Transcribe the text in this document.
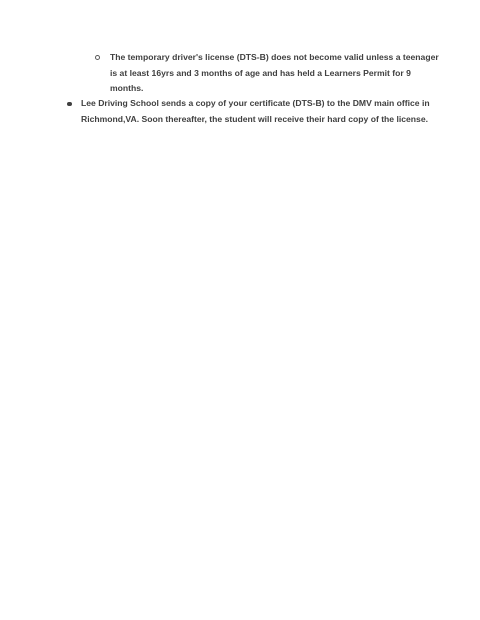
The temporary driver's license (DTS-B) does not become valid unless a teenager is at least 16yrs and 3 months of age and has held a Learners Permit for 9 months.
Lee Driving School sends a copy of your certificate (DTS-B) to the DMV main office in Richmond,VA. Soon thereafter, the student will receive their hard copy of the license.
